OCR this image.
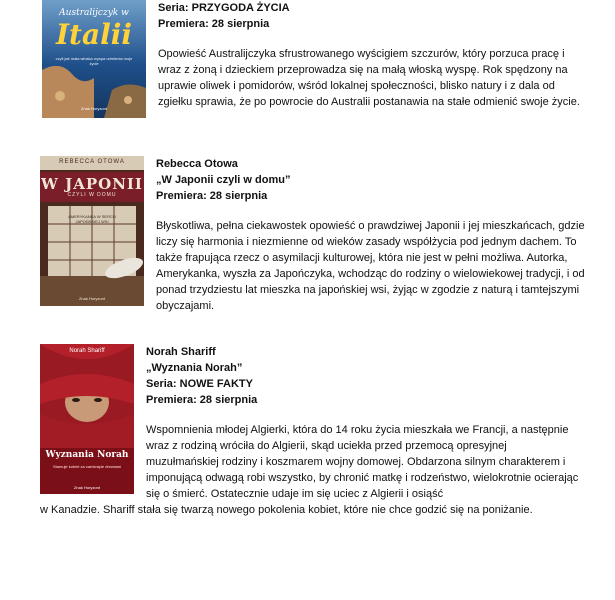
Australijczyk w
Italii
czyli jak mała włoska wyspa odmienia moje życie
Znak Horyzont
Seria: PRZYGODA ŻYCIA
Premiera: 28 sierpnia

Opowieść Australijczyka sfrustrowanego wyścigiem szczurów, który porzuca pracę i wraz z żoną i dzieckiem przeprowadza się na małą włoską wyspę. Rok spędzony na uprawie oliwek i pomidorów, wśród lokalnej społeczności, blisko natury i z dala od zgiełku sprawia, że po powrocie do Australii postanawia na stałe odmienić swoje życie.

REBECCA OTOWA
W JAPONII
CZYLI W DOMU
AMERYKANKA W SERCU JAPOŃSKIEJ WSI
Znak Horyzont
Rebecca Otowa
„W Japonii czyli w domu”
Premiera: 28 sierpnia

Błyskotliwa, pełna ciekawostek opowieść o prawdziwej Japonii i jej mieszkańcach, gdzie liczy się harmonia i niezmienne od wieków zasady współżycia pod jednym dachem. To także frapująca rzecz o asymilacji kulturowej, która nie jest w pełni możliwa. Autorka, Amerykanka, wyszła za Japończyka, wchodząc do rodziny o wielowiekowej tradycji, i od ponad trzydziestu lat mieszka na japońskiej wsi, żyjąc w zgodzie z naturą i tamtejszymi obyczajami.

Norah Shariff
Wyznania Norah
Stamuje kobiet za zamknięte drzwiami
Znak Horyzont
Norah Shariff
„Wyznania Norah”
Seria: NOWE FAKTY
Premiera: 28 sierpnia

Wspomnienia młodej Algierki, która do 14 roku życia mieszkała we Francji, a następnie wraz z rodziną wróciła do Algierii, skąd uciekła przed przemocą opresyjnej muzułmańskiej rodziny i koszmarem wojny domowej. Obdarzona silnym charakterem i imponującą odwagą robi wszystko, by chronić matkę i rodzeństwo, wielokrotnie ocierając się o śmierć. Ostatecznie udaje im się uciec z Algierii i osiąść

w Kanadzie. Shariff stała się twarzą nowego pokolenia kobiet, które nie chce godzić się na poniżanie.
